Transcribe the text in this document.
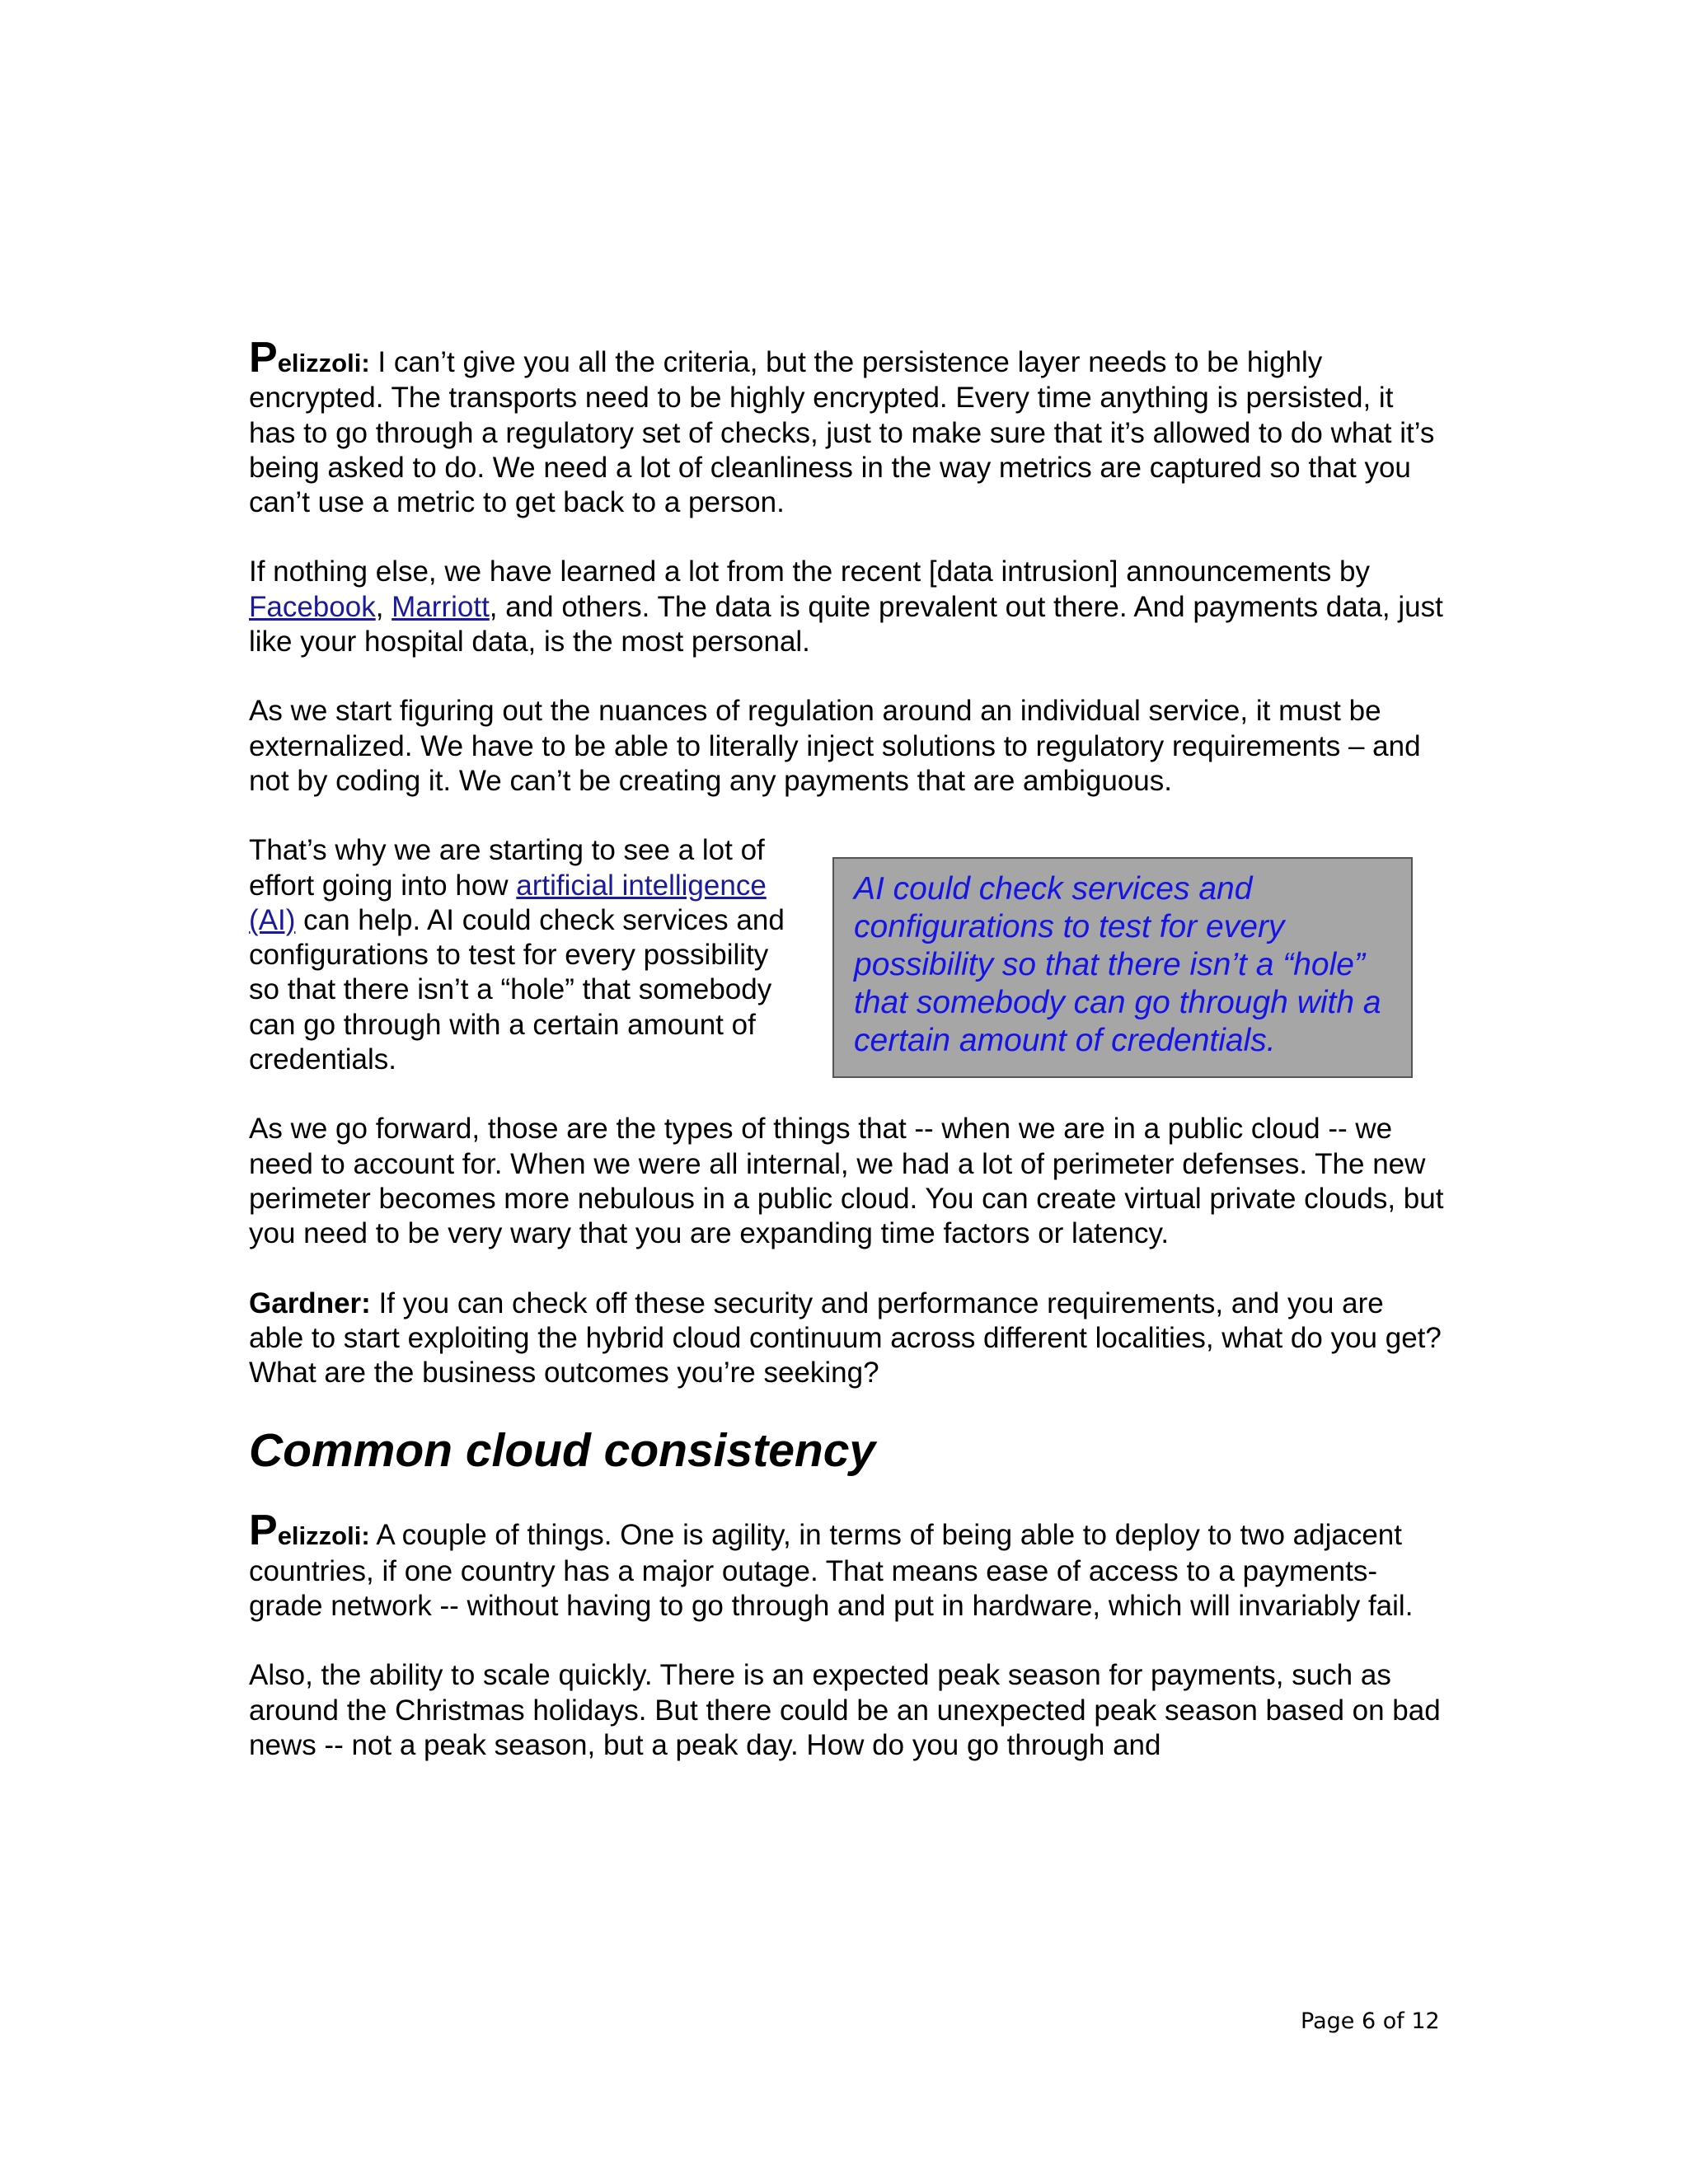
Pelizzoli: I can’t give you all the criteria, but the persistence layer needs to be highly encrypted. The transports need to be highly encrypted. Every time anything is persisted, it has to go through a regulatory set of checks, just to make sure that it’s allowed to do what it’s being asked to do. We need a lot of cleanliness in the way metrics are captured so that you can’t use a metric to get back to a person.

If nothing else, we have learned a lot from the recent [data intrusion] announcements by Facebook, Marriott, and others. The data is quite prevalent out there. And payments data, just like your hospital data, is the most personal.

As we start figuring out the nuances of regulation around an individual service, it must be externalized. We have to be able to literally inject solutions to regulatory requirements – and not by coding it. We can’t be creating any payments that are ambiguous.

That’s why we are starting to see a lot of effort going into how artificial intelligence (AI) can help. AI could check services and configurations to test for every possibility so that there isn’t a “hole” that somebody can go through with a certain amount of credentials.

AI could check services and configurations to test for every possibility so that there isn’t a “hole” that somebody can go through with a certain amount of credentials.

As we go forward, those are the types of things that -- when we are in a public cloud -- we need to account for. When we were all internal, we had a lot of perimeter defenses. The new perimeter becomes more nebulous in a public cloud. You can create virtual private clouds, but you need to be very wary that you are expanding time factors or latency.

Gardner: If you can check off these security and performance requirements, and you are able to start exploiting the hybrid cloud continuum across different localities, what do you get? What are the business outcomes you’re seeking?

Common cloud consistency

Pelizzoli: A couple of things. One is agility, in terms of being able to deploy to two adjacent countries, if one country has a major outage. That means ease of access to a payments-grade network -- without having to go through and put in hardware, which will invariably fail.

Also, the ability to scale quickly. There is an expected peak season for payments, such as around the Christmas holidays. But there could be an unexpected peak season based on bad news -- not a peak season, but a peak day. How do you go through and

Page 6 of 12
